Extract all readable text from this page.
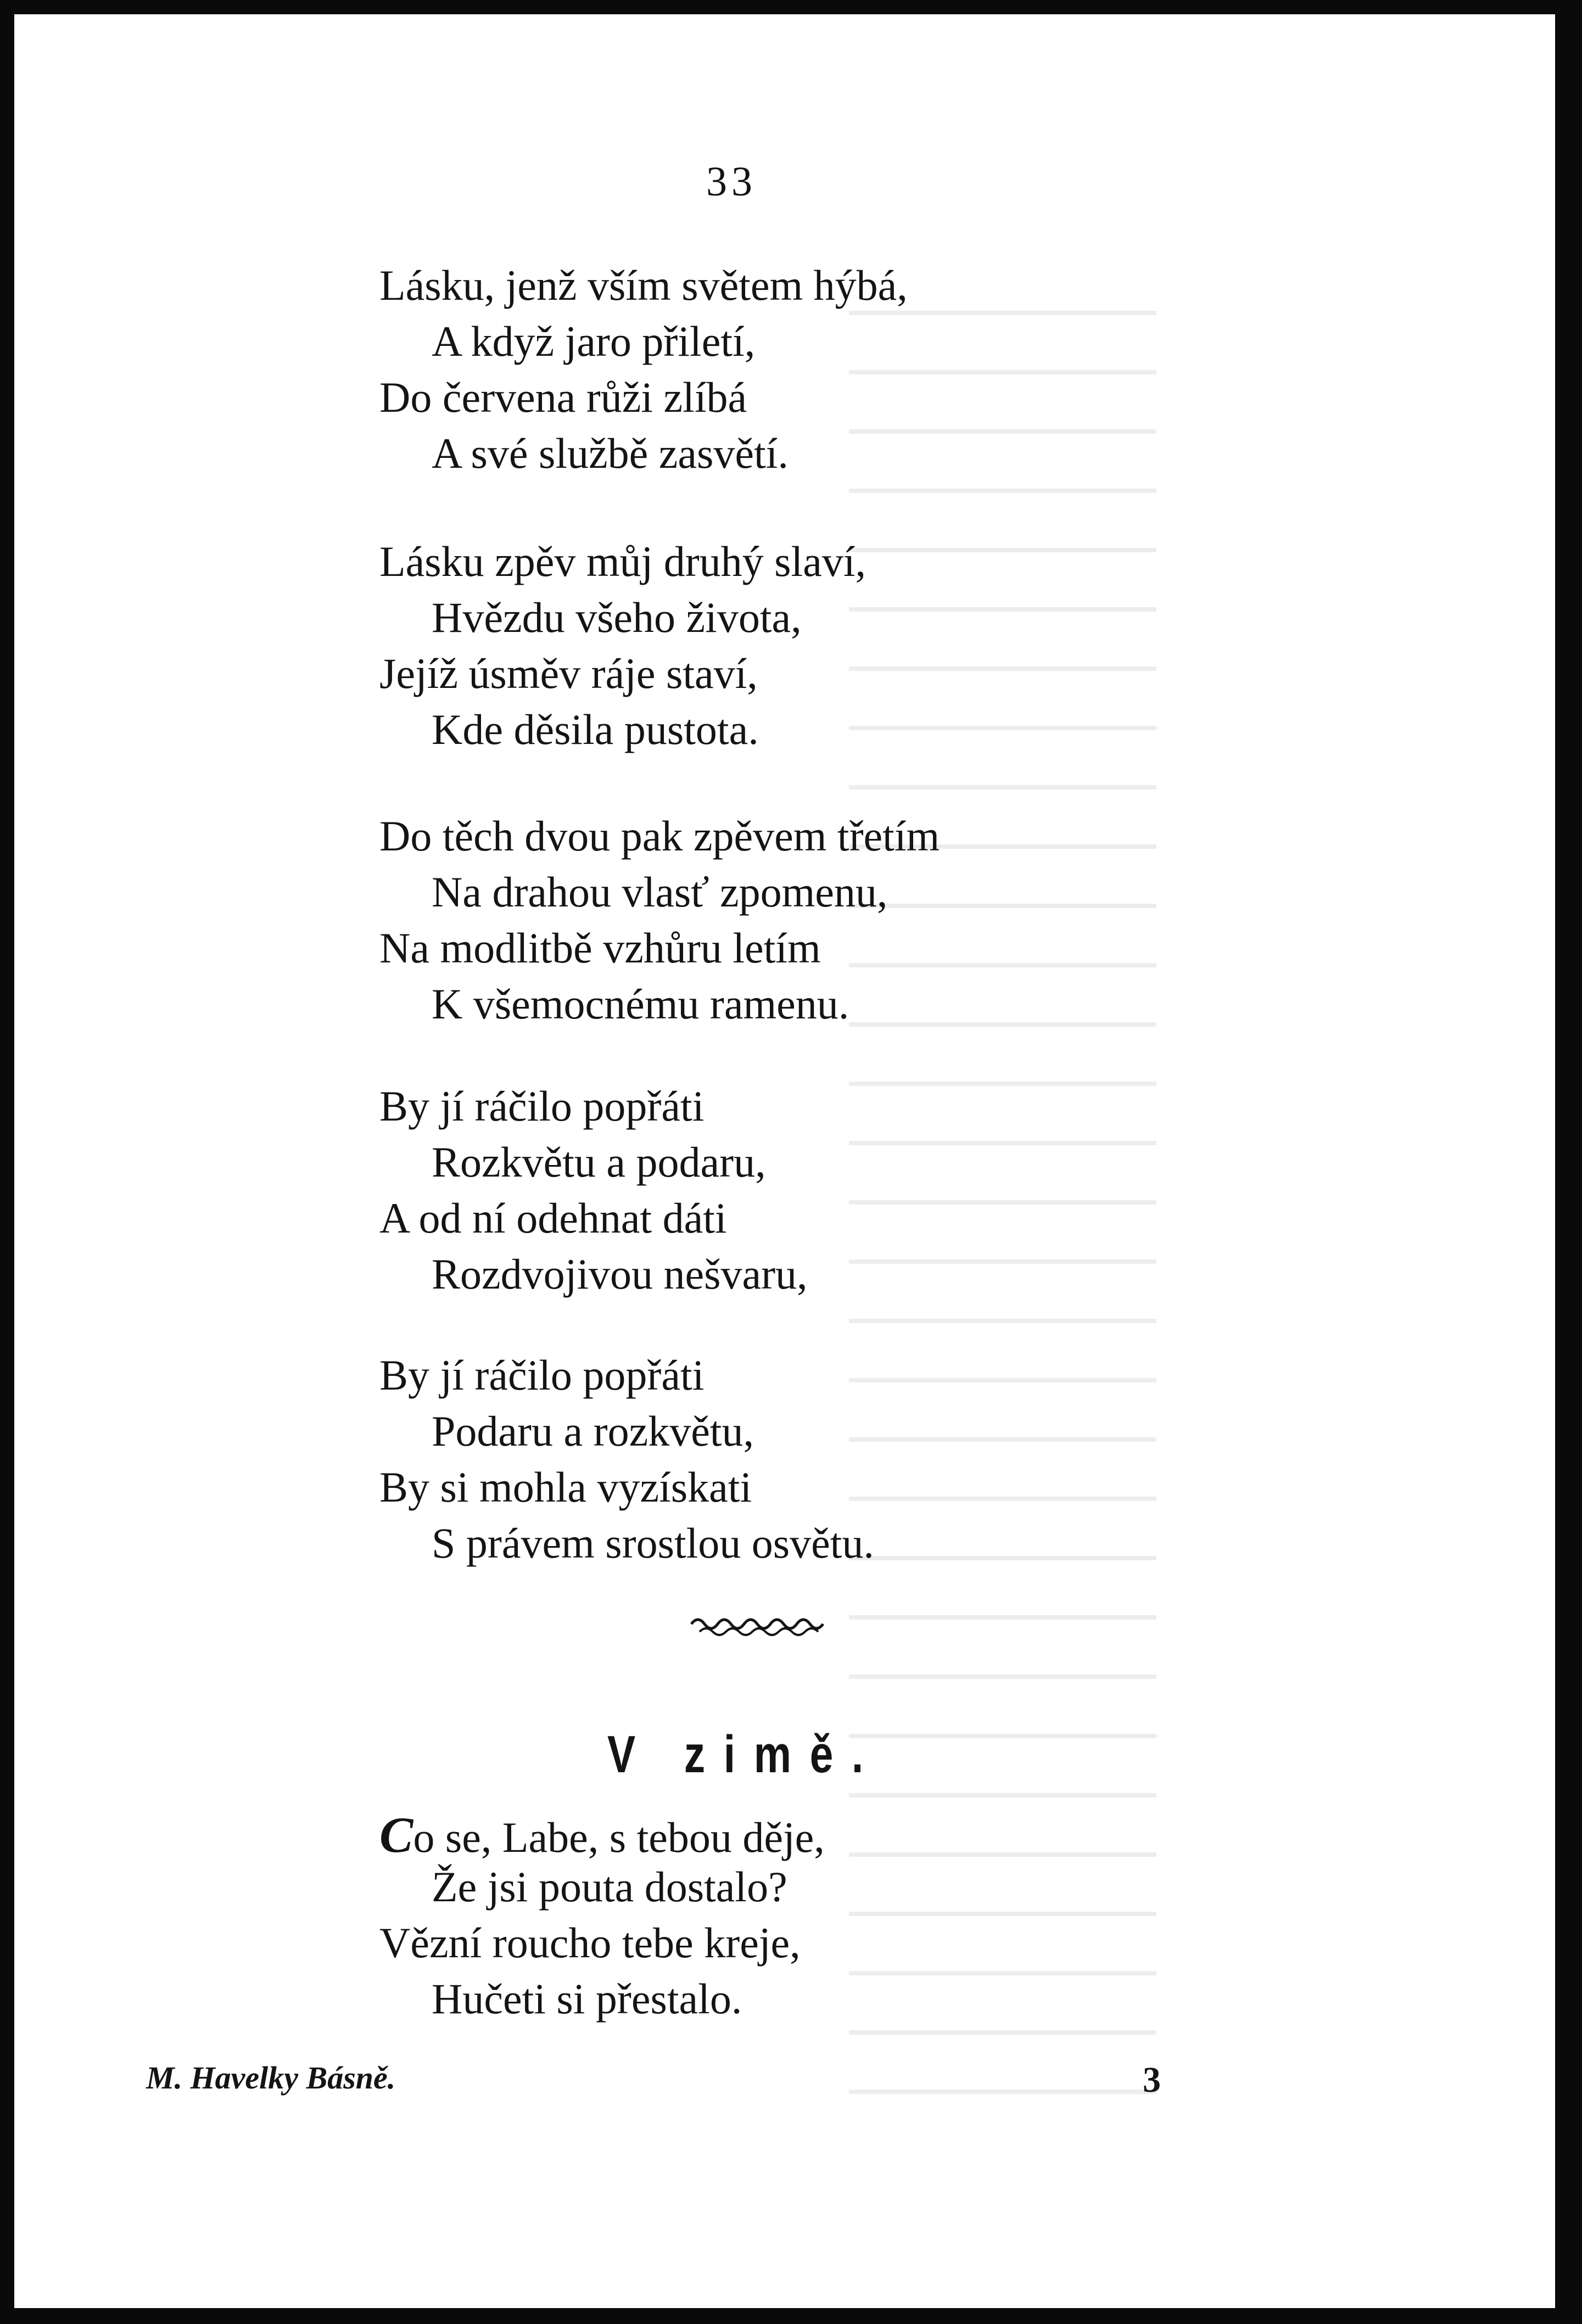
33
Lásku, jenž vším světem hýbá,
A když jaro přiletí,
Do červena růži zlíbá
A své službě zasvětí.
Lásku zpěv můj druhý slaví,
Hvězdu všeho života,
Jejíž úsměv ráje staví,
Kde děsila pustota.
Do těch dvou pak zpěvem třetím
Na drahou vlasť zpomenu,
Na modlitbě vzhůru letím
K všemocnému ramenu.
By jí ráčilo popřáti
Rozkvětu a podaru,
A od ní odehnat dáti
Rozdvojivou nešvaru,
By jí ráčilo popřáti
Podaru a rozkvětu,
By si mohla vyzískati
S právem srostlou osvětu.
Co se, Labe, s tebou děje,
Že jsi pouta dostalo?
Vězní roucho tebe kreje,
Hučeti si přestalo.
V zimě.
M. Havelky Básně.	3
